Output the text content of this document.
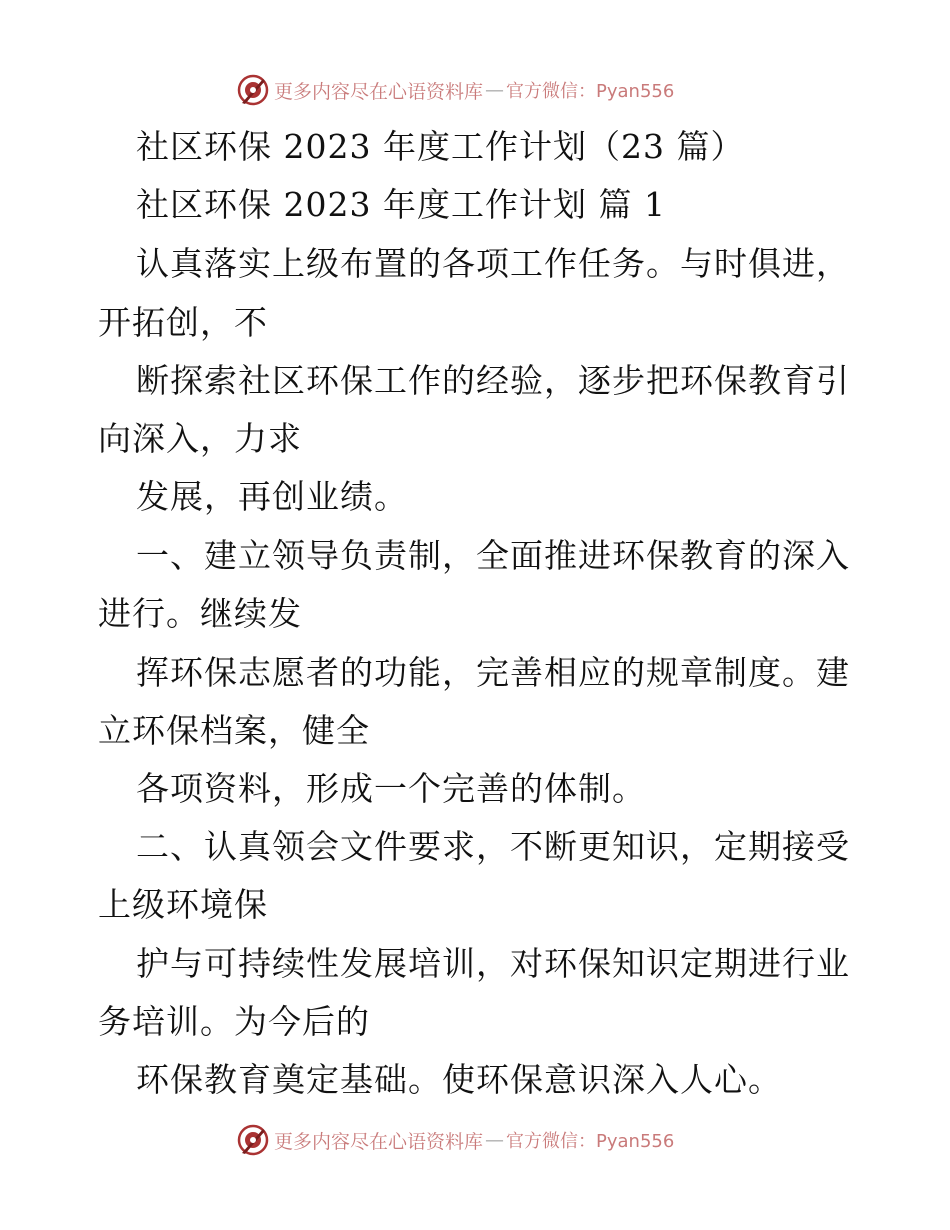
更多内容尽在心语资料库 — 官方微信：Pyan556
社区环保 2023 年度工作计划（23 篇）
社区环保 2023 年度工作计划 篇 1
认真落实上级布置的各项工作任务。与时俱进，
开拓创，不
断探索社区环保工作的经验，逐步把环保教育引
向深入，力求
发展，再创业绩。
一、建立领导负责制，全面推进环保教育的深入
进行。继续发
挥环保志愿者的功能，完善相应的规章制度。建
立环保档案，健全
各项资料，形成一个完善的体制。
二、认真领会文件要求，不断更知识，定期接受
上级环境保
护与可持续性发展培训，对环保知识定期进行业
务培训。为今后的
环保教育奠定基础。使环保意识深入人心。
更多内容尽在心语资料库 — 官方微信：Pyan556
